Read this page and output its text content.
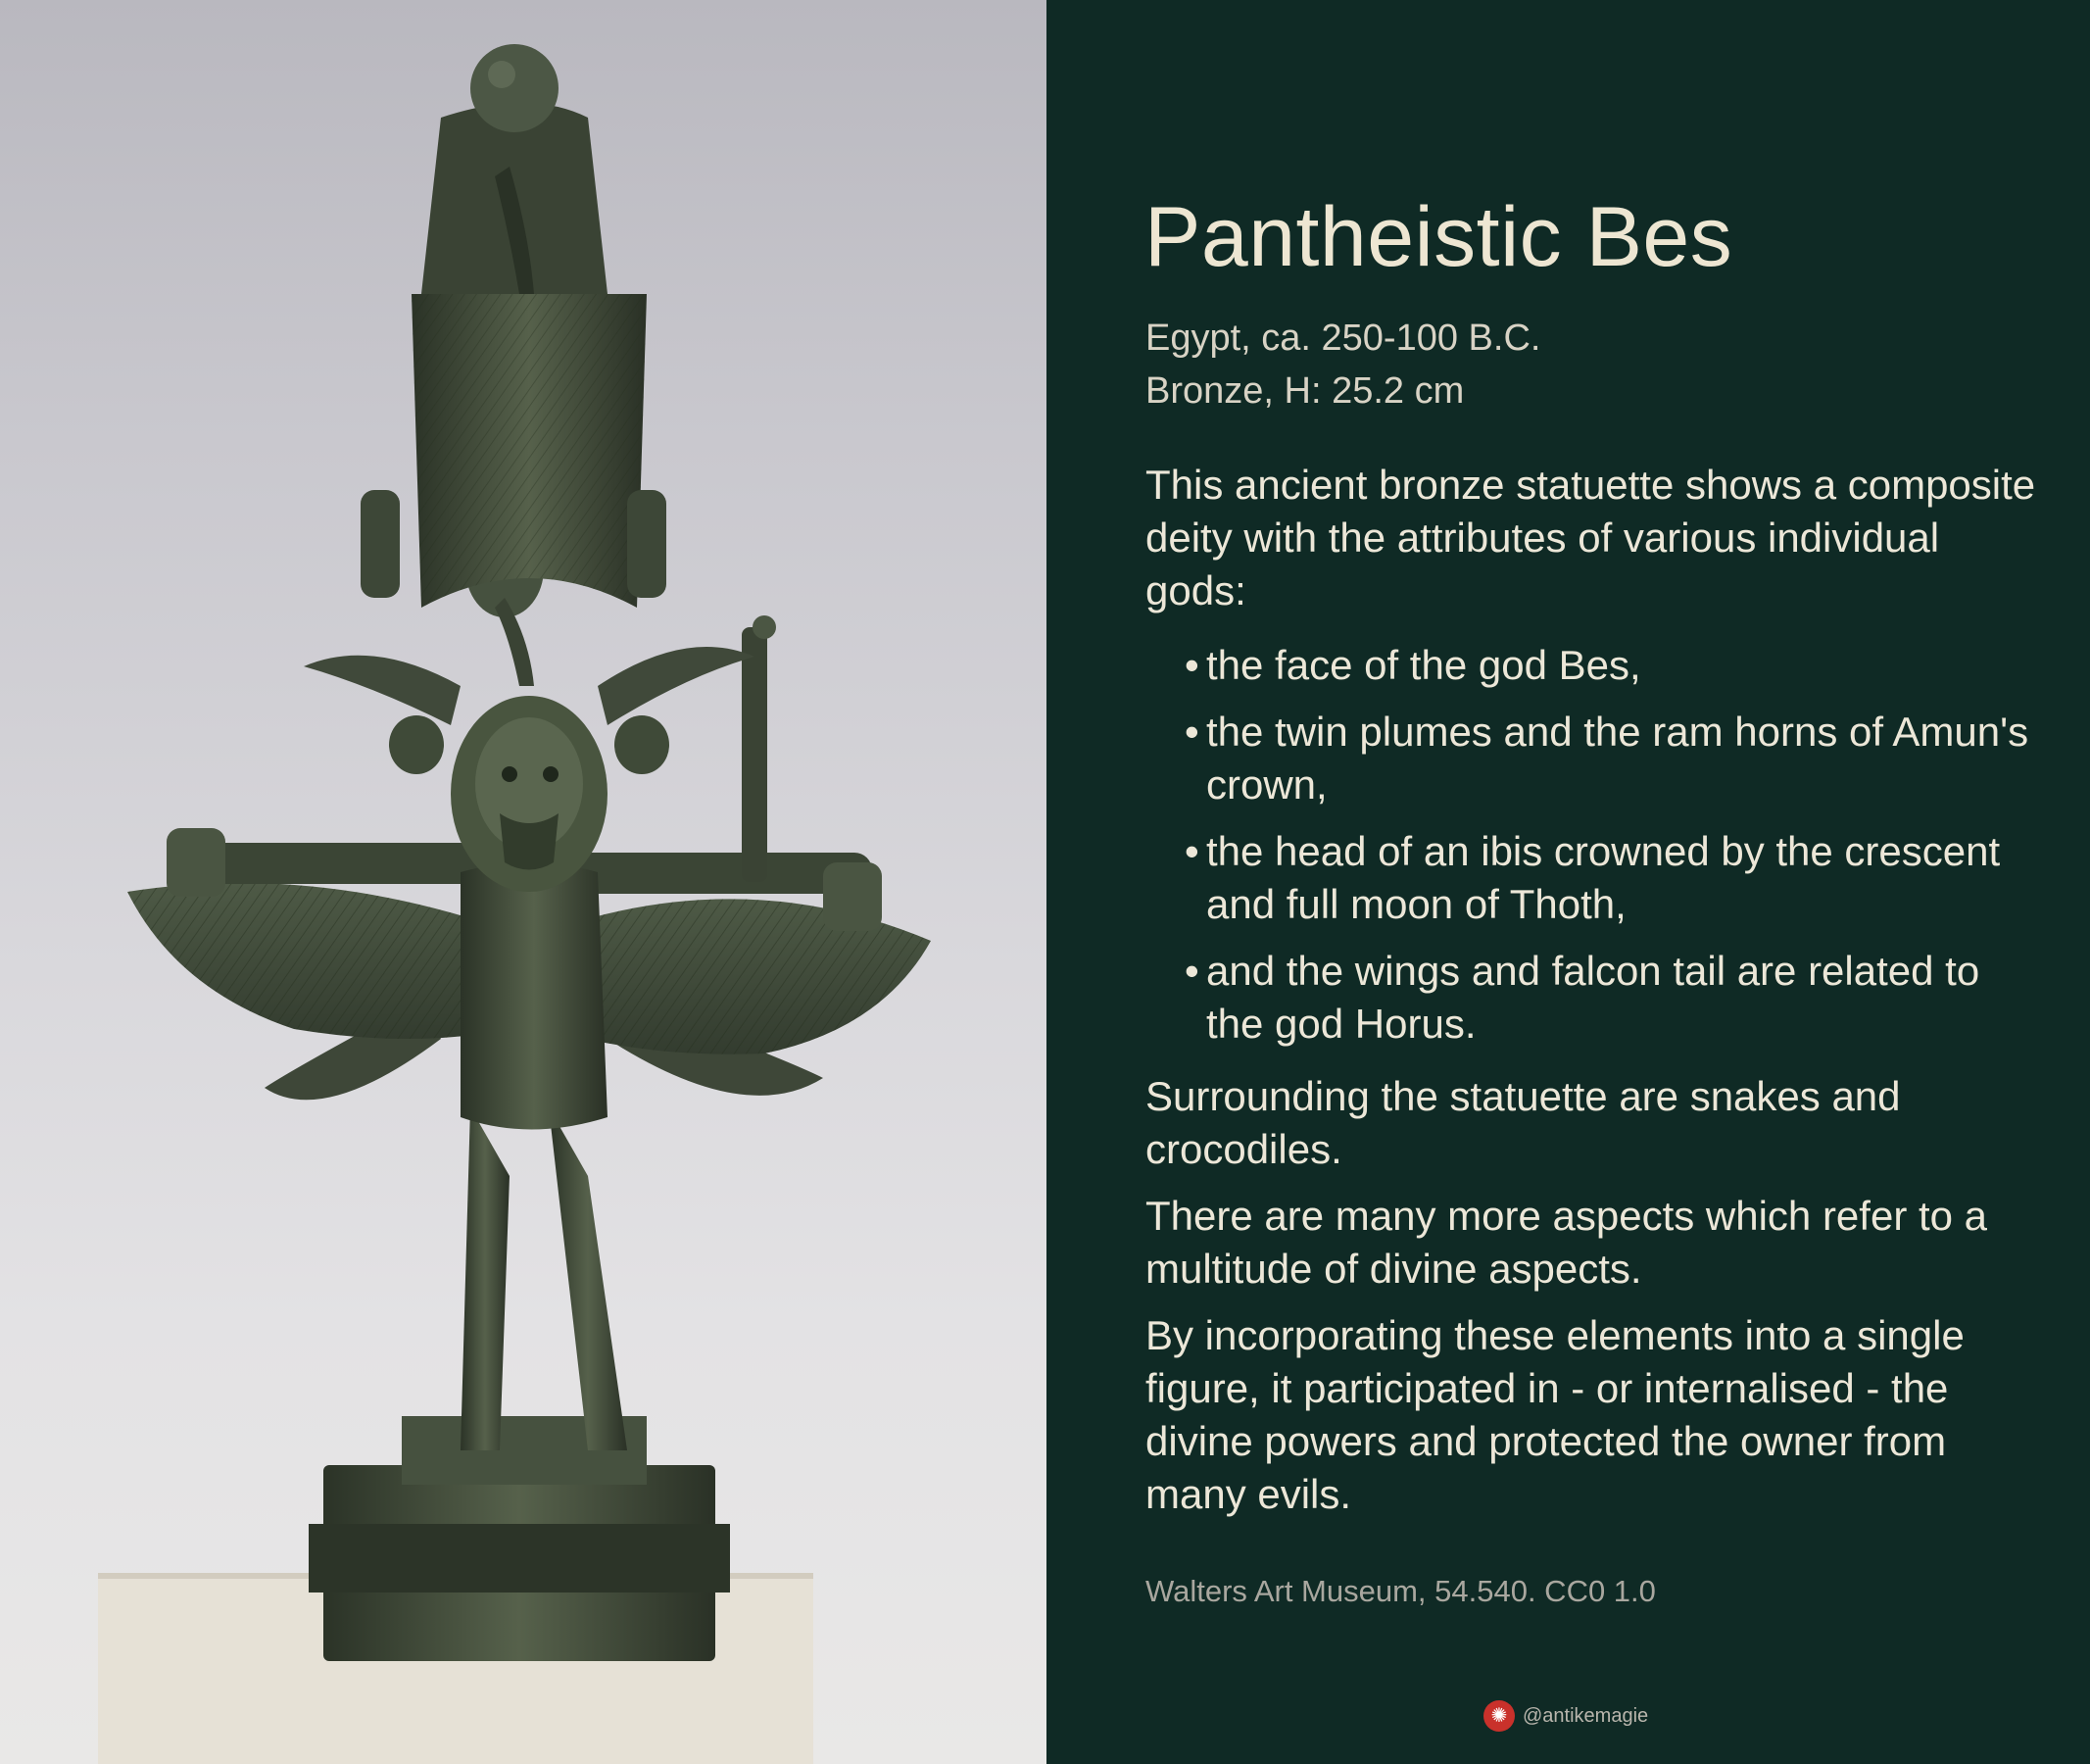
Pantheistic Bes
Egypt, ca. 250-100 B.C.
Bronze, H: 25.2 cm

This ancient bronze statuette shows a composite deity with the attributes of various individual gods:

• the face of the god Bes,
• the twin plumes and the ram horns of Amun's crown,
• the head of an ibis crowned by the crescent and full moon of Thoth,
• and the wings and falcon tail are related to the god Horus.

Surrounding the statuette are snakes and crocodiles.

There are many more aspects which refer to a multitude of divine aspects.

By incorporating these elements into a single figure, it participated in - or internalised - the divine powers and protected the owner from many evils.

Walters Art Museum, 54.540. CC0 1.0
✺ @antikemagie
